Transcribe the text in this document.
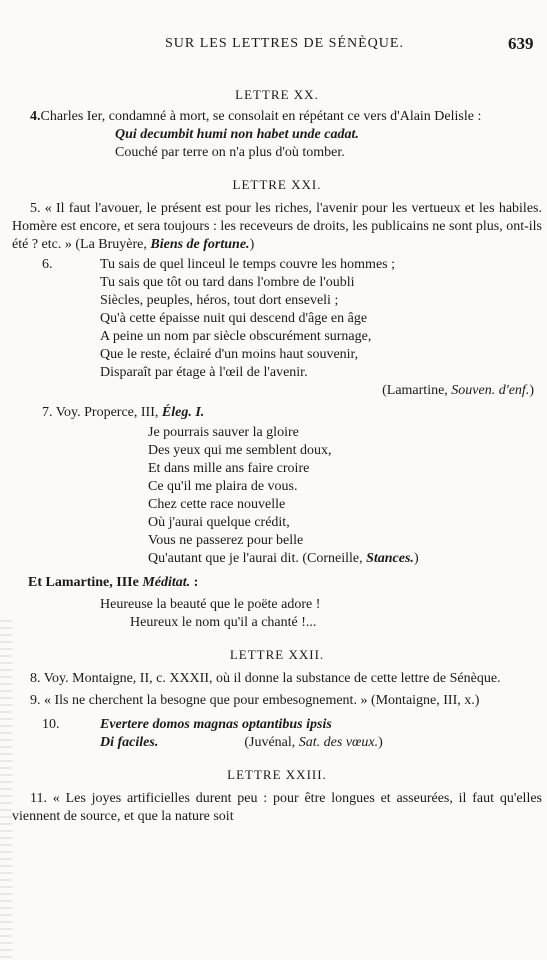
SUR LES LETTRES DE SÉNÈQUE.	639

LETTRE XX.

4.Charles Ier, condamné à mort, se consolait en répétant ce vers d'Alain Delisle :

Qui decumbit humi non habet unde cadat.
Couché par terre on n'a plus d'où tomber.

LETTRE XXI.

5. « Il faut l'avouer, le présent est pour les riches, l'avenir pour les vertueux et les habiles. Homère est encore, et sera toujours : les receveurs de droits, les publicains ne sont plus, ont-ils été ? etc. » (La Bruyère, Biens de fortune.)

6.	Tu sais de quel linceul le temps couvre les hommes ;
Tu sais que tôt ou tard dans l'ombre de l'oubli
Siècles, peuples, héros, tout dort enseveli ;
Qu'à cette épaisse nuit qui descend d'âge en âge
A peine un nom par siècle obscurément surnage,
Que le reste, éclairé d'un moins haut souvenir,
Disparaît par étage à l'œil de l'avenir.

(Lamartine, Souven. d'enf.)

7. Voy. Properce, III, Éleg. I.

Je pourrais sauver la gloire
Des yeux qui me semblent doux,
Et dans mille ans faire croire
Ce qu'il me plaira de vous.
Chez cette race nouvelle
Où j'aurai quelque crédit,
Vous ne passerez pour belle
Qu'autant que je l'aurai dit. (Corneille, Stances.)

Et Lamartine, IIIe Méditat. :

Heureuse la beauté que le poëte adore !
Heureux le nom qu'il a chanté !...

LETTRE XXII.

8. Voy. Montaigne, II, c. XXXII, où il donne la substance de cette lettre de Sénèque.

9. « Ils ne cherchent la besogne que pour embesognement. » (Montaigne, III, x.)

10.	Evertere domos magnas optantibus ipsis
Di faciles.	(Juvénal, Sat. des vœux.)

LETTRE XXIII.

11. « Les joyes artificielles durent peu : pour être longues et asseurées, il faut qu'elles viennent de source, et que la nature soit
